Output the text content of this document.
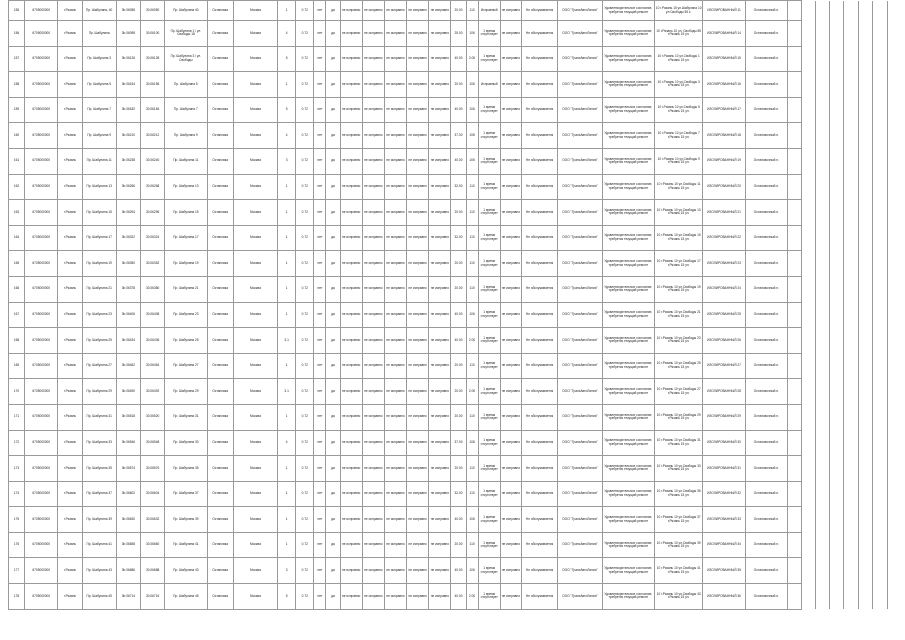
155	6705000000	г.Рязань	Пр. Шабулина, 40	3b.06058	30.06050	Пр. Шабулина 40	Остановка	Москва	1	0.72	нет	да	не исправно	не исправно	не исправно	не исправно	не исправно	20.00	110	Исправный	не исправно	Не обслуживается	ООО "ТрансАвтоЛиния"	Удовлетворительное состояние, требуется текущий ремонт	10 г.Рязань 15 ул.Шабулина 10 ул.Свободы 55 с.	ИЗОЛИРОВАННЫЙ 11	Остановочный п.							
156	6705000000	г.Рязань	Пр. Шабулина	3b.06098	30.06100	Пр. Шабулина 1 / ул. Свободы 18	Остановка	Москва	4	0.72	нет	да	не исправно	не исправно	не исправно	не исправно	не исправно	25.00	106	1 время отсутствует	не исправно	Не обслуживается	ООО "ТрансАвтоЛиния"	Удовлетворительное состояние, требуется текущий ремонт	10 г.Рязань 10 ул. Свободы 85 г.Рязань 15 ул.	ИЗОЛИРОВАННЫЙ 14	Остановочный п.							
157	6705000000	г.Рязань	Пр. Шабулина 3	3b.06126	30.06128	Пр. Шабулина 3 / ул. Свободы	Остановка	Москва	5	0.72	нет	да	не исправно	не исправно	не исправно	не исправно	не исправно	40.00	2.00	1 время отсутствует	не исправно	Не обслуживается	ООО "ТрансАвтоЛиния"	Удовлетворительное состояние, требуется текущий ремонт	10 г.Рязань 10 ул.Свободы 1 г.Рязань 15 ул.	ИЗОЛИРОВАННЫЙ 15	Остановочный п.							
158	6705000000	г.Рязань	Пр. Шабулина 5	3b.06154	30.06156	Пр. Шабулина 5	Остановка	Москва	1	0.72	нет	да	не исправно	не исправно	не исправно	не исправно	не исправно	20.00	106	Исправный	не исправно	Не обслуживается	ООО "ТрансАвтоЛиния"	Удовлетворительное состояние, требуется текущий ремонт	10 г.Рязань 10 ул.Свободы 3 г.Рязань 15 ул.	ИЗОЛИРОВАННЫЙ 16	Остановочный п.							
159	6705000000	г.Рязань	Пр. Шабулина 7	3b.06182	30.06184	Пр. Шабулина 7	Остановка	Москва	5	0.72	нет	да	не исправно	не исправно	не исправно	не исправно	не исправно	40.00	106	1 время отсутствует	не исправно	Не обслуживается	ООО "ТрансАвтоЛиния"	Удовлетворительное состояние, требуется текущий ремонт	10 г.Рязань 10 ул.Свободы 5 г.Рязань 15 ул.	ИЗОЛИРОВАННЫЙ 17	Остановочный п.							
160	6705000000	г.Рязань	Пр. Шабулина 9	3b.06210	30.06212	Пр. Шабулина 9	Остановка	Москва	4	0.72	нет	да	не исправно	не исправно	не исправно	не исправно	не исправно	37.00	108	1 время отсутствует	не исправно	Не обслуживается	ООО "ТрансАвтоЛиния"	Удовлетворительное состояние, требуется текущий ремонт	10 г.Рязань 10 ул.Свободы 7 г.Рязань 15 ул.	ИЗОЛИРОВАННЫЙ 18	Остановочный п.							
161	6705000000	г.Рязань	Пр. Шабулина 11	3b.06238	30.06240	Пр. Шабулина 11	Остановка	Москва	3	0.72	нет	да	не исправно	не исправно	не исправно	не исправно	не исправно	40.00	106	1 время отсутствует	не исправно	Не обслуживается	ООО "ТрансАвтоЛиния"	Удовлетворительное состояние, требуется текущий ремонт	10 г.Рязань 10 ул.Свободы 9 г.Рязань 15 ул.	ИЗОЛИРОВАННЫЙ 19	Остановочный п.							
162	6705000000	г.Рязань	Пр. Шабулина 13	3b.06266	30.06268	Пр. Шабулина 13	Остановка	Москва	1	0.72	нет	да	не исправно	не исправно	не исправно	не исправно	не исправно	32.00	110	1 время отсутствует	не исправно	Не обслуживается	ООО "ТрансАвтоЛиния"	Удовлетворительное состояние, требуется текущий ремонт	10 г.Рязань 10 ул.Свободы 11 г.Рязань 15 ул.	ИЗОЛИРОВАННЫЙ 20	Остановочный п.							
163	6705000000	г.Рязань	Пр. Шабулина 15	3b.06294	30.06296	Пр. Шабулина 15	Остановка	Москва	1	0.72	нет	да	не исправно	не исправно	не исправно	не исправно	не исправно	20.00	110	1 время отсутствует	не исправно	Не обслуживается	ООО "ТрансАвтоЛиния"	Удовлетворительное состояние, требуется текущий ремонт	10 г.Рязань 10 ул.Свободы 13 г.Рязань 15 ул.	ИЗОЛИРОВАННЫЙ 21	Остановочный п.							
164	6705000000	г.Рязань	Пр. Шабулина 17	3b.06322	30.06324	Пр. Шабулина 17	Остановка	Москва	1	0.72	нет	да	не исправно	не исправно	не исправно	не исправно	не исправно	32.00	110	1 время отсутствует	не исправно	Не обслуживается	ООО "ТрансАвтоЛиния"	Удовлетворительное состояние, требуется текущий ремонт	10 г.Рязань 10 ул.Свободы 15 г.Рязань 15 ул.	ИЗОЛИРОВАННЫЙ 22	Остановочный п.							
165	6705000000	г.Рязань	Пр. Шабулина 19	3b.06350	30.06352	Пр. Шабулина 19	Остановка	Москва	1	0.72	нет	да	не исправно	не исправно	не исправно	не исправно	не исправно	20.00	110	1 время отсутствует	не исправно	Не обслуживается	ООО "ТрансАвтоЛиния"	Удовлетворительное состояние, требуется текущий ремонт	10 г.Рязань 10 ул.Свободы 17 г.Рязань 15 ул.	ИЗОЛИРОВАННЫЙ 23	Остановочный п.							
166	6705000000	г.Рязань	Пр. Шабулина 21	3b.06378	30.06380	Пр. Шабулина 21	Остановка	Москва	1	0.72	нет	да	не исправно	не исправно	не исправно	не исправно	не исправно	20.00	110	1 время отсутствует	не исправно	Не обслуживается	ООО "ТрансАвтоЛиния"	Удовлетворительное состояние, требуется текущий ремонт	10 г.Рязань 10 ул.Свободы 19 г.Рязань 15 ул.	ИЗОЛИРОВАННЫЙ 24	Остановочный п.							
167	6705000000	г.Рязань	Пр. Шабулина 23	3b.06406	30.06408	Пр. Шабулина 23	Остановка	Москва	1	0.72	нет	да	не исправно	не исправно	не исправно	не исправно	не исправно	40.00	106	1 время отсутствует	не исправно	Не обслуживается	ООО "ТрансАвтоЛиния"	Удовлетворительное состояние, требуется текущий ремонт	10 г.Рязань 10 ул.Свободы 21 г.Рязань 15 ул.	ИЗОЛИРОВАННЫЙ 25	Остановочный п.							
168	6705000000	г.Рязань	Пр. Шабулина 25	3b.06434	30.06436	Пр. Шабулина 25	Остановка	Москва	3.1	0.72	нет	да	не исправно	не исправно	не исправно	не исправно	не исправно	40.00	2.00	1 время отсутствует	не исправно	Не обслуживается	ООО "ТрансАвтоЛиния"	Удовлетворительное состояние, требуется текущий ремонт	10 г.Рязань 10 ул.Свободы 23 г.Рязань 15 ул.	ИЗОЛИРОВАННЫЙ 26	Остановочный п.							
169	6705000000	г.Рязань	Пр. Шабулина 27	3b.06462	30.06464	Пр. Шабулина 27	Остановка	Москва	1	0.72	нет	да	не исправно	не исправно	не исправно	не исправно	не исправно	20.00	110	1 время отсутствует	не исправно	Не обслуживается	ООО "ТрансАвтоЛиния"	Удовлетворительное состояние, требуется текущий ремонт	10 г.Рязань 10 ул.Свободы 25 г.Рязань 15 ул.	ИЗОЛИРОВАННЫЙ 27	Остановочный п.							
170	6705000000	г.Рязань	Пр. Шабулина 29	3b.06490	30.06492	Пр. Шабулина 29	Остановка	Москва	3.1	0.72	нет	да	не исправно	не исправно	не исправно	не исправно	не исправно	20.00	2.00	1 время отсутствует	не исправно	Не обслуживается	ООО "ТрансАвтоЛиния"	Удовлетворительное состояние, требуется текущий ремонт	10 г.Рязань 10 ул.Свободы 27 г.Рязань 15 ул.	ИЗОЛИРОВАННЫЙ 28	Остановочный п.							
171	6705000000	г.Рязань	Пр. Шабулина 31	3b.06518	30.06520	Пр. Шабулина 31	Остановка	Москва	1	0.72	нет	да	не исправно	не исправно	не исправно	не исправно	не исправно	20.00	110	1 время отсутствует	не исправно	Не обслуживается	ООО "ТрансАвтоЛиния"	Удовлетворительное состояние, требуется текущий ремонт	10 г.Рязань 10 ул.Свободы 29 г.Рязань 15 ул.	ИЗОЛИРОВАННЫЙ 29	Остановочный п.							
172	6705000000	г.Рязань	Пр. Шабулина 33	3b.06546	30.06548	Пр. Шабулина 33	Остановка	Москва	4	0.72	нет	да	не исправно	не исправно	не исправно	не исправно	не исправно	37.00	108	1 время отсутствует	не исправно	Не обслуживается	ООО "ТрансАвтоЛиния"	Удовлетворительное состояние, требуется текущий ремонт	10 г.Рязань 10 ул.Свободы 31 г.Рязань 15 ул.	ИЗОЛИРОВАННЫЙ 30	Остановочный п.							
173	6705000000	г.Рязань	Пр. Шабулина 35	3b.06574	30.06576	Пр. Шабулина 35	Остановка	Москва	1	0.72	нет	да	не исправно	не исправно	не исправно	не исправно	не исправно	20.00	110	1 время отсутствует	не исправно	Не обслуживается	ООО "ТрансАвтоЛиния"	Удовлетворительное состояние, требуется текущий ремонт	10 г.Рязань 10 ул.Свободы 33 г.Рязань 15 ул.	ИЗОЛИРОВАННЫЙ 31	Остановочный п.							
174	6705000000	г.Рязань	Пр. Шабулина 37	3b.06602	30.06604	Пр. Шабулина 37	Остановка	Москва	1	0.72	нет	да	не исправно	не исправно	не исправно	не исправно	не исправно	32.00	110	1 время отсутствует	не исправно	Не обслуживается	ООО "ТрансАвтоЛиния"	Удовлетворительное состояние, требуется текущий ремонт	10 г.Рязань 10 ул.Свободы 35 г.Рязань 15 ул.	ИЗОЛИРОВАННЫЙ 32	Остановочный п.							
175	6705000000	г.Рязань	Пр. Шабулина 39	3b.06630	30.06632	Пр. Шабулина 39	Остановка	Москва	1	0.72	нет	да	не исправно	не исправно	не исправно	не исправно	не исправно	40.00	106	1 время отсутствует	не исправно	Не обслуживается	ООО "ТрансАвтоЛиния"	Удовлетворительное состояние, требуется текущий ремонт	10 г.Рязань 10 ул.Свободы 37 г.Рязань 15 ул.	ИЗОЛИРОВАННЫЙ 33	Остановочный п.							
176	6705000000	г.Рязань	Пр. Шабулина 41	3b.06658	30.06660	Пр. Шабулина 41	Остановка	Москва	1	0.72	нет	да	не исправно	не исправно	не исправно	не исправно	не исправно	20.00	110	1 время отсутствует	не исправно	Не обслуживается	ООО "ТрансАвтоЛиния"	Удовлетворительное состояние, требуется текущий ремонт	10 г.Рязань 10 ул.Свободы 39 г.Рязань 15 ул.	ИЗОЛИРОВАННЫЙ 34	Остановочный п.							
177	6705000000	г.Рязань	Пр. Шабулина 43	3b.06686	30.06688	Пр. Шабулина 43	Остановка	Москва	3	0.72	нет	да	не исправно	не исправно	не исправно	не исправно	не исправно	40.00	106	1 время отсутствует	не исправно	Не обслуживается	ООО "ТрансАвтоЛиния"	Удовлетворительное состояние, требуется текущий ремонт	10 г.Рязань 10 ул.Свободы 41 г.Рязань 15 ул.	ИЗОЛИРОВАННЫЙ 35	Остановочный п.							
178	6705000000	г.Рязань	Пр. Шабулина 45	3b.06714	30.06716	Пр. Шабулина 45	Остановка	Москва	5	0.72	нет	да	не исправно	не исправно	не исправно	не исправно	не исправно	40.00	2.00	1 время отсутствует	не исправно	Не обслуживается	ООО "ТрансАвтоЛиния"	Удовлетворительное состояние, требуется текущий ремонт	10 г.Рязань 10 ул.Свободы 43 г.Рязань 15 ул.	ИЗОЛИРОВАННЫЙ 36	Остановочный п.							
